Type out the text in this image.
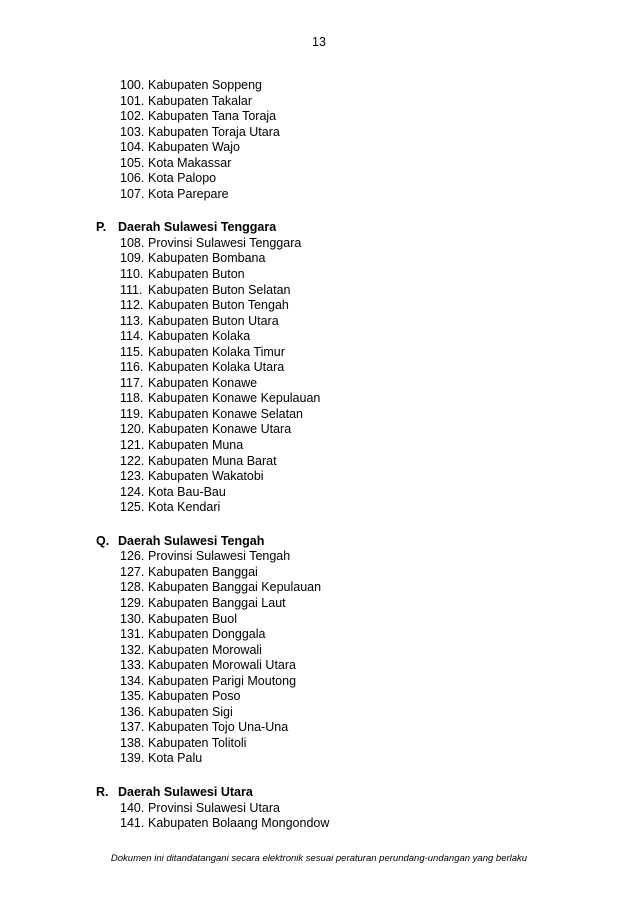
13
100. Kabupaten Soppeng
101. Kabupaten Takalar
102. Kabupaten Tana Toraja
103. Kabupaten Toraja Utara
104. Kabupaten Wajo
105. Kota Makassar
106. Kota Palopo
107. Kota Parepare
P. Daerah Sulawesi Tenggara
108. Provinsi Sulawesi Tenggara
109. Kabupaten Bombana
110. Kabupaten Buton
111. Kabupaten Buton Selatan
112. Kabupaten Buton Tengah
113. Kabupaten Buton Utara
114. Kabupaten Kolaka
115. Kabupaten Kolaka Timur
116. Kabupaten Kolaka Utara
117. Kabupaten Konawe
118. Kabupaten Konawe Kepulauan
119. Kabupaten Konawe Selatan
120. Kabupaten Konawe Utara
121. Kabupaten Muna
122. Kabupaten Muna Barat
123. Kabupaten Wakatobi
124. Kota Bau-Bau
125. Kota Kendari
Q. Daerah Sulawesi Tengah
126. Provinsi Sulawesi Tengah
127. Kabupaten Banggai
128. Kabupaten Banggai Kepulauan
129. Kabupaten Banggai Laut
130. Kabupaten Buol
131. Kabupaten Donggala
132. Kabupaten Morowali
133. Kabupaten Morowali Utara
134. Kabupaten Parigi Moutong
135. Kabupaten Poso
136. Kabupaten Sigi
137. Kabupaten Tojo Una-Una
138. Kabupaten Tolitoli
139. Kota Palu
R. Daerah Sulawesi Utara
140. Provinsi Sulawesi Utara
141. Kabupaten Bolaang Mongondow
Dokumen ini ditandatangani secara elektronik sesuai peraturan perundang-undangan yang berlaku
